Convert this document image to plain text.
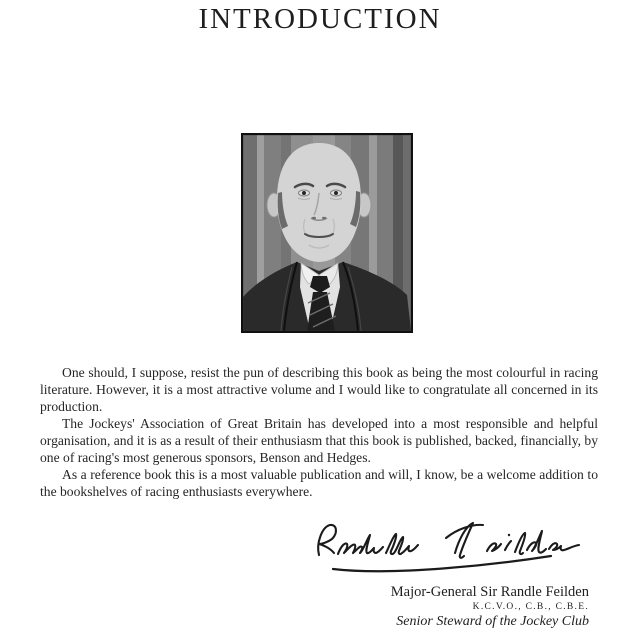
INTRODUCTION

One should, I suppose, resist the pun of describing this book as being the most colourful in racing literature. However, it is a most attractive volume and I would like to congratulate all concerned in its production.

The Jockeys' Association of Great Britain has developed into a most responsible and helpful organisation, and it is as a result of their enthusiasm that this book is published, backed, financially, by one of racing's most generous sponsors, Benson and Hedges.

As a reference book this is a most valuable publication and will, I know, be a welcome addition to the bookshelves of racing enthusiasts everywhere.

Major-General Sir Randle Feilden
K.C.V.O., C.B., C.B.E.
Senior Steward of the Jockey Club
